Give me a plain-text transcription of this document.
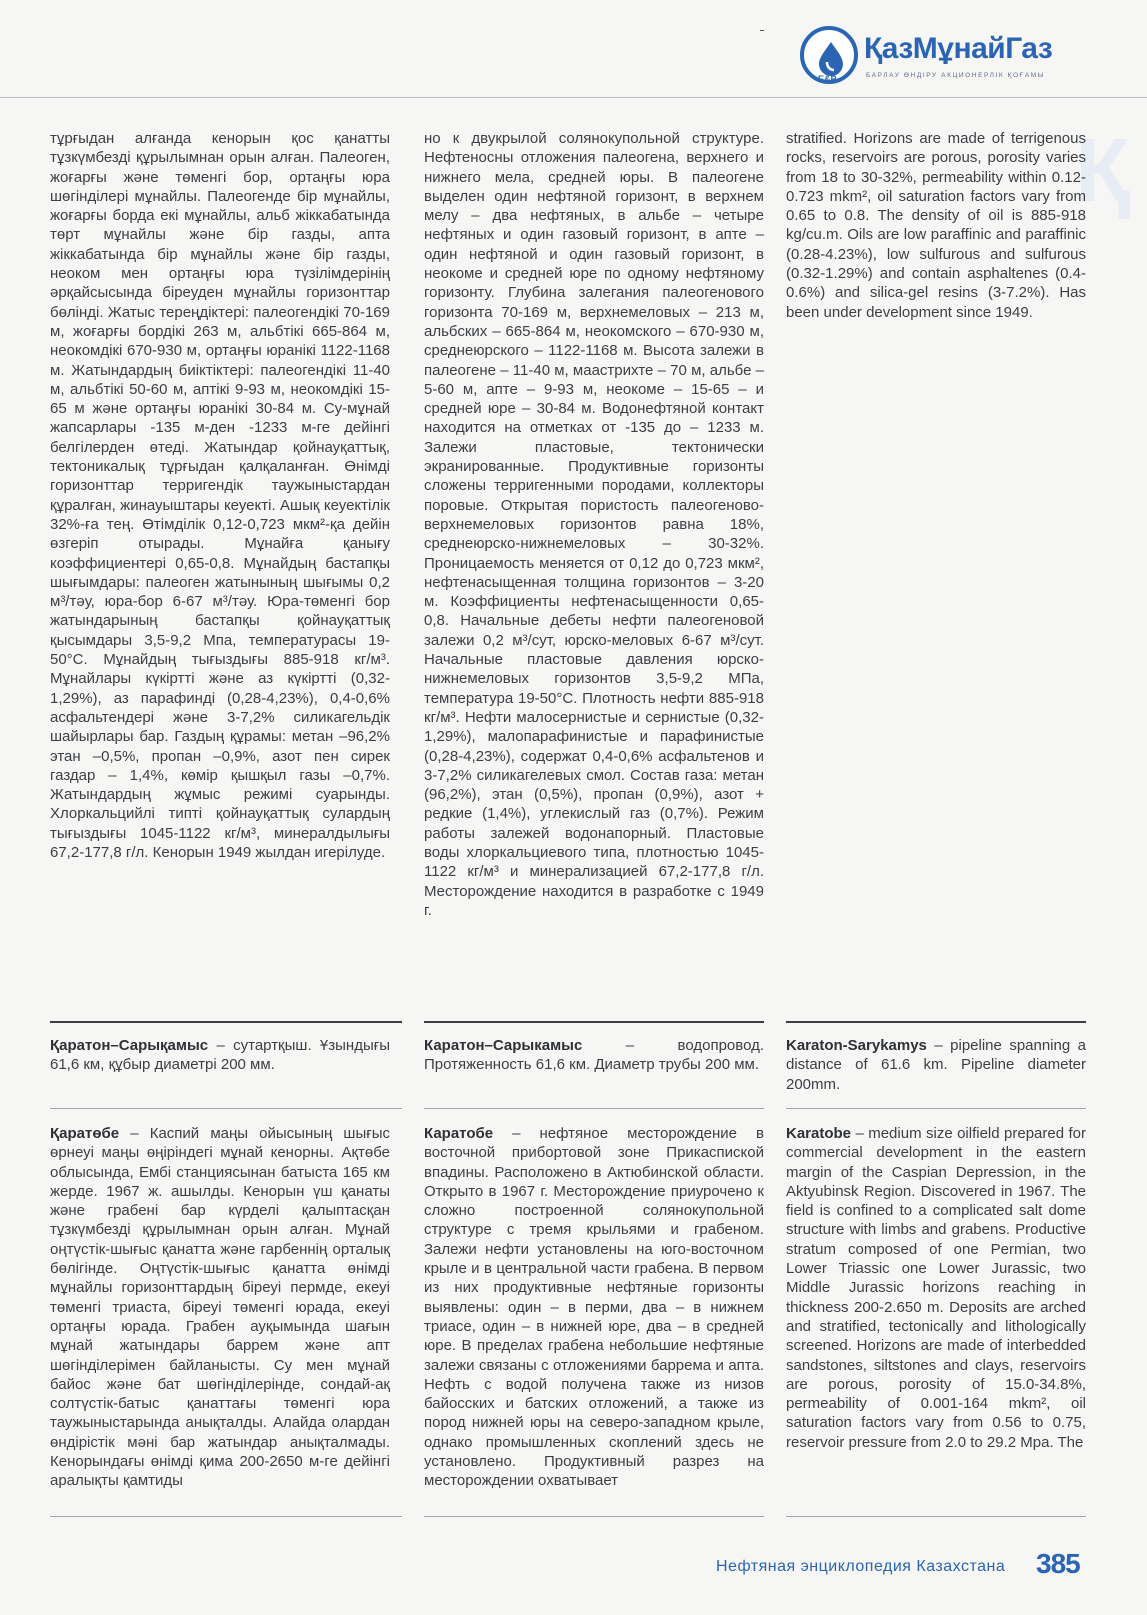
E&P
ҚазМұнайГаз
БАРЛАУ ӨНДІРУ АКЦИОНЕРЛІК ҚОҒАМЫ
Қ
тұрғыдан алғанда кенорын қос қанатты тұзкүмбезді құрылымнан орын алған. Палеоген, жоғарғы және төменгі бор, ортаңғы юра шөгінділері мұнайлы. Палеогенде бір мұнайлы, жоғарғы борда екі мұнайлы, альб жіккабатында төрт мұнайлы және бір газды, апта жіккабатында бір мұнайлы және бір газды, неоком мен ортаңғы юра түзілімдерінің әрқайсысында біреуден мұнайлы горизонттар бөлінді. Жатыс тереңдіктері: палеогендікі 70-169 м, жоғарғы бордікі 263 м, альбтікі 665-864 м, неокомдікі 670-930 м, ортаңғы юранікі 1122-1168 м. Жатындардың биіктіктері: палеогендікі 11-40 м, альбтікі 50-60 м, аптікі 9-93 м, неокомдікі 15-65 м және ортаңғы юранікі 30-84 м. Су-мұнай жапсарлары -135 м-ден -1233 м-ге дейінгі белгілерден өтеді. Жатындар қойнауқаттық, тектоникалық тұрғыдан қалқаланған. Өнімді горизонттар терригендік таужыныстардан құралған, жинауыштары кеуекті. Ашық кеуектілік 32%-ға тең. Өтімділік 0,12-0,723 мкм²-қа дейін өзгеріп отырады. Мұнайға қанығу коэффициентері 0,65-0,8. Мұнайдың бастапқы шығымдары: палеоген жатынының шығымы 0,2 м³/тәу, юра-бор 6-67 м³/тәу. Юра-төменгі бор жатындарының бастапқы қойнауқаттық қысымдары 3,5-9,2 Мпа, температурасы 19-50°С. Мұнайдың тығыздығы 885-918 кг/м³. Мұнайлары күкіртті және аз күкіртті (0,32-1,29%), аз парафинді (0,28-4,23%), 0,4-0,6% асфальтендері және 3-7,2% силикагельдік шайырлары бар. Газдың құрамы: метан –96,2% этан –0,5%, пропан –0,9%, азот пен сирек газдар – 1,4%, көмір қышқыл газы –0,7%. Жатындардың жұмыс режимі суарынды. Хлоркальцийлі типті қойнауқаттық сулардың тығыздығы 1045-1122 кг/м³, минералдылығы 67,2-177,8 г/л. Кенорын 1949 жылдан игерілуде.
но к двукрылой солянокупольной структуре. Нефтеносны отложения палеогена, верхнего и нижнего мела, средней юры. В палеогене выделен один нефтяной горизонт, в верхнем мелу – два нефтяных, в альбе – четыре нефтяных и один газовый горизонт, в апте – один нефтяной и один газовый горизонт, в неокоме и средней юре по одному нефтяному горизонту. Глубина залегания палеогенового горизонта 70-169 м, верхнемеловых – 213 м, альбских – 665-864 м, неокомского – 670-930 м, среднеюрского – 1122-1168 м. Высота залежи в палеогене – 11-40 м, маастрихте – 70 м, альбе – 5-60 м, апте – 9-93 м, неокоме – 15-65 – и средней юре – 30-84 м. Водонефтяной контакт находится на отметках от -135 до – 1233 м. Залежи пластовые, тектонически экранированные. Продуктивные горизонты сложены терригенными породами, коллекторы поровые. Открытая пористость палеогеново-верхнемеловых горизонтов равна 18%, среднеюрско-нижнемеловых – 30-32%. Проницаемость меняется от 0,12 до 0,723 мкм², нефтенасыщенная толщина горизонтов – 3-20 м. Коэффициенты нефтенасыщенности 0,65-0,8. Начальные дебеты нефти палеогеновой залежи 0,2 м³/сут, юрско-меловых 6-67 м³/сут. Начальные пластовые давления юрско-нижнемеловых горизонтов 3,5-9,2 МПа, температура 19-50°С. Плотность нефти 885-918 кг/м³. Нефти малосернистые и сернистые (0,32-1,29%), малопарафинистые и парафинистые (0,28-4,23%), содержат 0,4-0,6% асфальтенов и 3-7,2% силикагелевых смол. Состав газа: метан (96,2%), этан (0,5%), пропан (0,9%), азот + редкие (1,4%), углекислый газ (0,7%). Режим работы залежей водонапорный. Пластовые воды хлоркальциевого типа, плотностью 1045-1122 кг/м³ и минерализацией 67,2-177,8 г/л. Месторождение находится в разработке с 1949 г.
stratified. Horizons are made of terrigenous rocks, reservoirs are porous, porosity varies from 18 to 30-32%, permeability within 0.12-0.723 mkm², oil saturation factors vary from 0.65 to 0.8. The density of oil is 885-918 kg/cu.m. Oils are low paraffinic and paraffinic (0.28-4.23%), low sulfurous and sulfurous (0.32-1.29%) and contain asphaltenes (0.4-0.6%) and silica-gel resins (3-7.2%). Has been under development since 1949.
Қаратон–Сарықамыс – сутартқыш. Ұзындығы 61,6 км, құбыр диаметрі 200 мм.
Каратон–Сарыкамыс – водопровод. Протяженность 61,6 км. Диаметр трубы 200 мм.
Karaton-Sarykamys – pipeline spanning a distance of 61.6 km. Pipeline diameter 200mm.
Қаратөбе – Каспий маңы ойысының шығыс өрнеуі маңы өңіріндегі мұнай кенорны. Ақтөбе облысында, Ембі станциясынан батыста 165 км жерде. 1967 ж. ашылды. Кенорын үш қанаты және грабені бар күрделі қалыптасқан тұзкүмбезді құрылымнан орын алған. Мұнай оңтүстік-шығыс қанатта және гарбеннің орталық бөлігінде. Оңтүстік-шығыс қанатта өнімді мұнайлы горизонттардың біреуі пермде, екеуі төменгі триаста, біреуі төменгі юрада, екеуі ортаңғы юрада. Грабен ауқымында шағын мұнай жатындары баррем және апт шөгінділерімен байланысты. Су мен мұнай байос және бат шөгінділерінде, сондай-ақ солтүстік-батыс қанаттағы төменгі юра таужыныстарында анықталды. Алайда олардан өндірістік мәні бар жатындар анықталмады. Кенорындағы өнімді қима 200-2650 м-ге дейінгі аралықты қамтиды
Каратобе – нефтяное месторождение в восточной прибортовой зоне Прикаспиской впадины. Расположено в Актюбинской области. Открыто в 1967 г. Месторождение приурочено к сложно построенной солянокупольной структуре с тремя крыльями и грабеном. Залежи нефти установлены на юго-восточном крыле и в центральной части грабена. В первом из них продуктивные нефтяные горизонты выявлены: один – в перми, два – в нижнем триасе, один – в нижней юре, два – в средней юре. В пределах грабена небольшие нефтяные залежи связаны с отложениями баррема и апта. Нефть с водой получена также из низов байосских и батских отложений, а также из пород нижней юры на северо-западном крыле, однако промышленных скоплений здесь не установлено. Продуктивный разрез на месторождении охватывает
Karatobe – medium size oilfield prepared for commercial development in the eastern margin of the Caspian Depression, in the Aktyubinsk Region. Discovered in 1967. The field is confined to a complicated salt dome structure with limbs and grabens. Productive stratum composed of one Permian, two Lower Triassic one Lower Jurassic, two Middle Jurassic horizons reaching in thickness 200-2.650 m. Deposits are arched and stratified, tectonically and lithologically screened. Horizons are made of interbedded sandstones, siltstones and clays, reservoirs are porous, porosity of 15.0-34.8%, permeability of 0.001-164 mkm², oil saturation factors vary from 0.56 to 0.75, reservoir pressure from 2.0 to 29.2 Mpa. The
Нефтяная энциклопедия Казахстана 385
